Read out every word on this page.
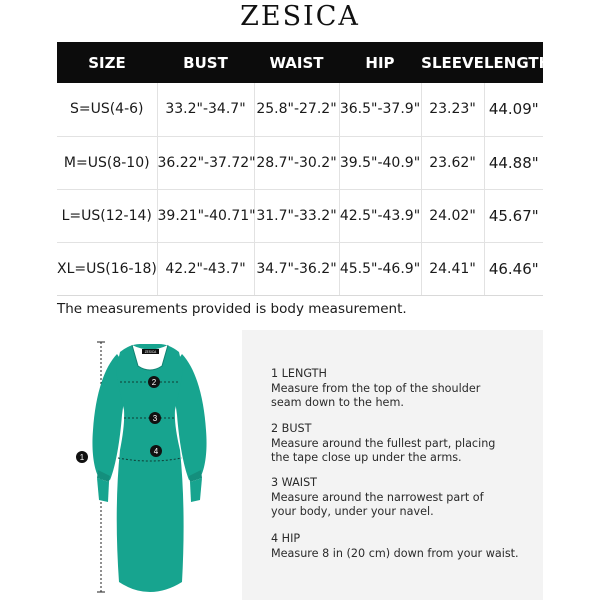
ZESICA
SIZE	BUST	WAIST	HIP	SLEEVE	LENGTH
S=US(4-6)	33.2"-34.7"	25.8"-27.2"	36.5"-37.9"	23.23"	44.09"
M=US(8-10)	36.22"-37.72"	28.7"-30.2"	39.5"-40.9"	23.62"	44.88"
L=US(12-14)	39.21"-40.71"	31.7"-33.2"	42.5"-43.9"	24.02"	45.67"
XL=US(16-18)	42.2"-43.7"	34.7"-36.2"	45.5"-46.9"	24.41"	46.46"
The measurements provided is body measurement.
ZESICA
1
2
3
4
1 LENGTH
Measure from the top of the shoulder
seam down to the hem.
2 BUST
Measure around the fullest part, placing
the tape close up under the arms.
3 WAIST
Measure around the narrowest part of
your body, under your navel.
4 HIP
Measure 8 in (20 cm) down from your waist.
